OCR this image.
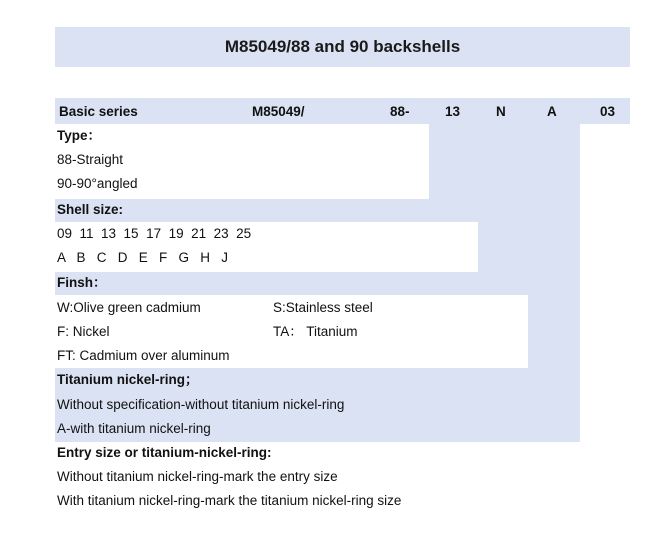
M85049/88 and 90 backshells
Basic series	M85049/	88-	13	N	A	03
Type：
88-Straight
90-90°angled
Shell size:
09  11  13  15  17  19  21  23  25
A   B   C   D   E   F   G   H   J
Finsh：
W:Olive green cadmium	S:Stainless steel
F: Nickel	TA： Titanium
FT: Cadmium over aluminum
Titanium nickel-ring；
Without specification-without titanium nickel-ring
A-with titanium nickel-ring
Entry size or titanium-nickel-ring:
Without titanium nickel-ring-mark the entry size
With titanium nickel-ring-mark the titanium nickel-ring size
